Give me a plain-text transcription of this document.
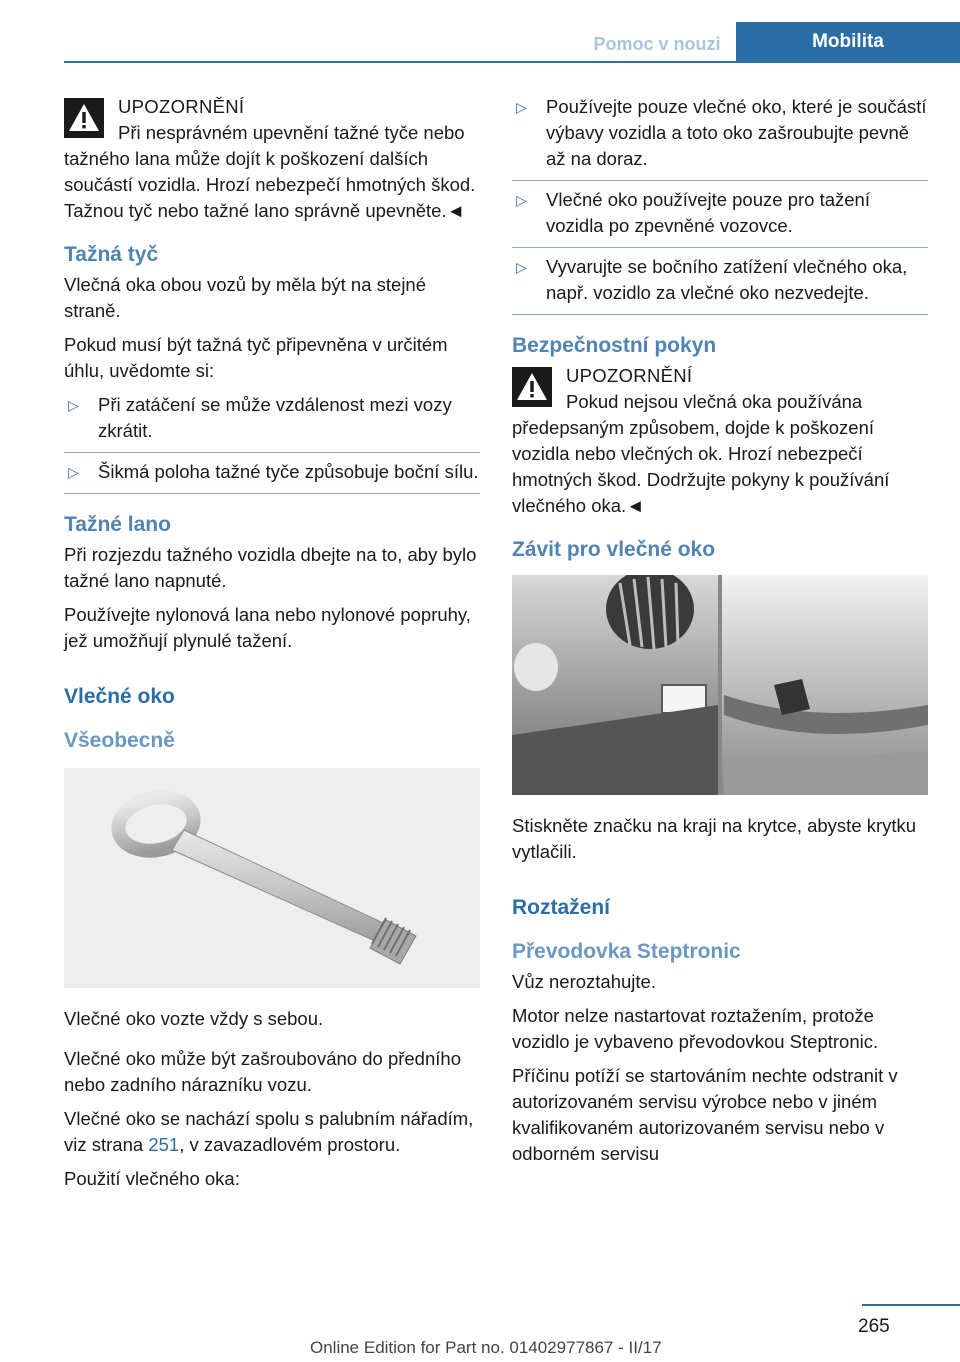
Pomoc v nouzi	Mobilita
UPOZORNĚNÍ
Při nesprávném upevnění tažné tyče nebo tažného lana může dojít k poškození dalších součástí vozidla. Hrozí nebezpečí hmotných škod. Tažnou tyč nebo tažné lano správně upevněte.◄
Tažná tyč

Vlečná oka obou vozů by měla být na stejné straně.

Pokud musí být tažná tyč připevněna v určitém úhlu, uvědomte si:

▷ Při zatáčení se může vzdálenost mezi vozy zkrátit.
▷ Šikmá poloha tažné tyče způsobuje boční sílu.
Tažné lano

Při rozjezdu tažného vozidla dbejte na to, aby bylo tažné lano napnuté.

Používejte nylonová lana nebo nylonové popruhy, jež umožňují plynulé tažení.

Vlečné oko
Všeobecně

Vlečné oko vozte vždy s sebou.

Vlečné oko může být zašroubováno do předního nebo zadního nárazníku vozu.

Vlečné oko se nachází spolu s palubním nářadím, viz strana 251, v zavazadlovém prostoru.

Použití vlečného oka:

▷ Používejte pouze vlečné oko, které je součástí výbavy vozidla a toto oko zašroubujte pevně až na doraz.
▷ Vlečné oko používejte pouze pro tažení vozidla po zpevněné vozovce.
▷ Vyvarujte se bočního zatížení vlečného oka, např. vozidlo za vlečné oko nezvedejte.
Bezpečnostní pokyn
UPOZORNĚNÍ
Pokud nejsou vlečná oka používána předepsaným způsobem, dojde k poškození vozidla nebo vlečných ok. Hrozí nebezpečí hmotných škod. Dodržujte pokyny k používání vlečného oka.◄
Závit pro vlečné oko

Stiskněte značku na kraji na krytce, abyste krytku vytlačili.

Roztažení
Převodovka Steptronic

Vůz neroztahujte.

Motor nelze nastartovat roztažením, protože vozidlo je vybaveno převodovkou Steptronic.

Příčinu potíží se startováním nechte odstranit v autorizovaném servisu výrobce nebo v jiném kvalifikovaném autorizovaném servisu nebo v odborném servisu

265
Online Edition for Part no. 01402977867 - II/17
